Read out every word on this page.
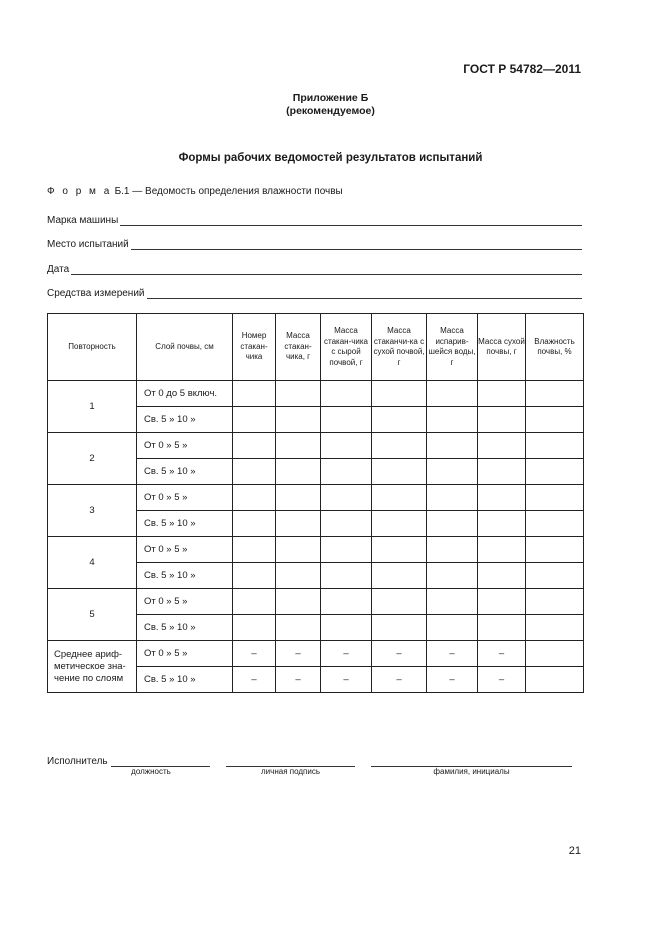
ГОСТ Р 54782—2011
Приложение Б
(рекомендуемое)
Формы рабочих ведомостей результатов испытаний
Ф о р м а Б.1 — Ведомость определения влажности почвы
Марка машины
Место испытаний
Дата
Средства измерений
Повторность	Слой почвы, см	Номер стакан-чика	Масса стакан-чика, г	Масса стакан-чика с сырой почвой, г	Масса стаканчи-ка с сухой почвой, г	Масса испарив-шейся воды, г	Масса сухой почвы, г	Влажность почвы, %
1	От 0 до 5 включ.							
	Св. 5 » 10 »							
2	От 0 » 5 »							
	Св. 5 » 10 »							
3	От 0 » 5 »							
	Св. 5 » 10 »							
4	От 0 » 5 »							
	Св. 5 » 10 »							
5	От 0 » 5 »							
	Св. 5 » 10 »							
Среднее ариф-метическое зна-чение по слоям	От 0 » 5 »	–	–	–	–	–	–	
	Св. 5 » 10 »	–	–	–	–	–	–	
Исполнитель
должность	личная подпись	фамилия, инициалы
21
